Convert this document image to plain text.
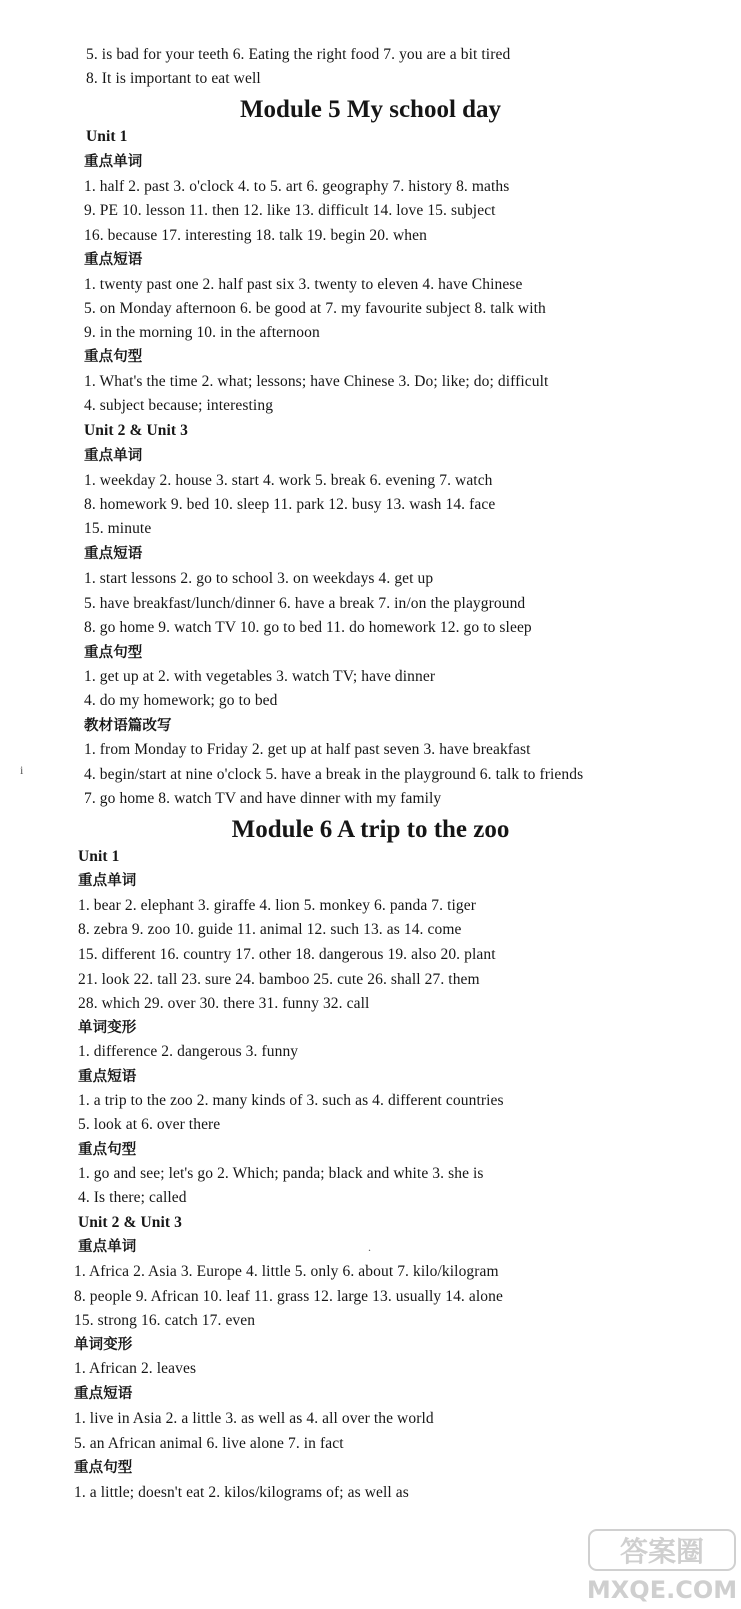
5. is bad for your teeth 6. Eating the right food 7. you are a bit tired
8. It is important to eat well
Module 5 My school day
Unit 1
重点单词
1. half 2. past 3. o'clock 4. to 5. art 6. geography 7. history 8. maths
9. PE 10. lesson 11. then 12. like 13. difficult 14. love 15. subject
16. because 17. interesting 18. talk 19. begin 20. when
重点短语
1. twenty past one 2. half past six 3. twenty to eleven 4. have Chinese
5. on Monday afternoon 6. be good at 7. my favourite subject 8. talk with
9. in the morning 10. in the afternoon
重点句型
1. What's the time 2. what; lessons; have Chinese 3. Do; like; do; difficult
4. subject because; interesting
Unit 2 & Unit 3
重点单词
1. weekday 2. house 3. start 4. work 5. break 6. evening 7. watch
8. homework 9. bed 10. sleep 11. park 12. busy 13. wash 14. face
15. minute
重点短语
1. start lessons 2. go to school 3. on weekdays 4. get up
5. have breakfast/lunch/dinner 6. have a break 7. in/on the playground
8. go home 9. watch TV 10. go to bed 11. do homework 12. go to sleep
重点句型
1. get up at 2. with vegetables 3. watch TV; have dinner
4. do my homework; go to bed
教材语篇改写
1. from Monday to Friday 2. get up at half past seven 3. have breakfast
4. begin/start at nine o'clock 5. have a break in the playground 6. talk to friends
7. go home 8. watch TV and have dinner with my family
Module 6 A trip to the zoo
Unit 1
重点单词
1. bear 2. elephant 3. giraffe 4. lion 5. monkey 6. panda 7. tiger
8. zebra 9. zoo 10. guide 11. animal 12. such 13. as 14. come
15. different 16. country 17. other 18. dangerous 19. also 20. plant
21. look 22. tall 23. sure 24. bamboo 25. cute 26. shall 27. them
28. which 29. over 30. there 31. funny 32. call
单词变形
1. difference 2. dangerous 3. funny
重点短语
1. a trip to the zoo 2. many kinds of 3. such as 4. different countries
5. look at 6. over there
重点句型
1. go and see; let's go 2. Which; panda; black and white 3. she is
4. Is there; called
Unit 2 & Unit 3
重点单词
1. Africa 2. Asia 3. Europe 4. little 5. only 6. about 7. kilo/kilogram
8. people 9. African 10. leaf 11. grass 12. large 13. usually 14. alone
15. strong 16. catch 17. even
单词变形
1. African 2. leaves
重点短语
1. live in Asia 2. a little 3. as well as 4. all over the world
5. an African animal 6. live alone 7. in fact
重点句型
1. a little; doesn't eat 2. kilos/kilograms of; as well as
i
.
答案圈
MXQE.COM
